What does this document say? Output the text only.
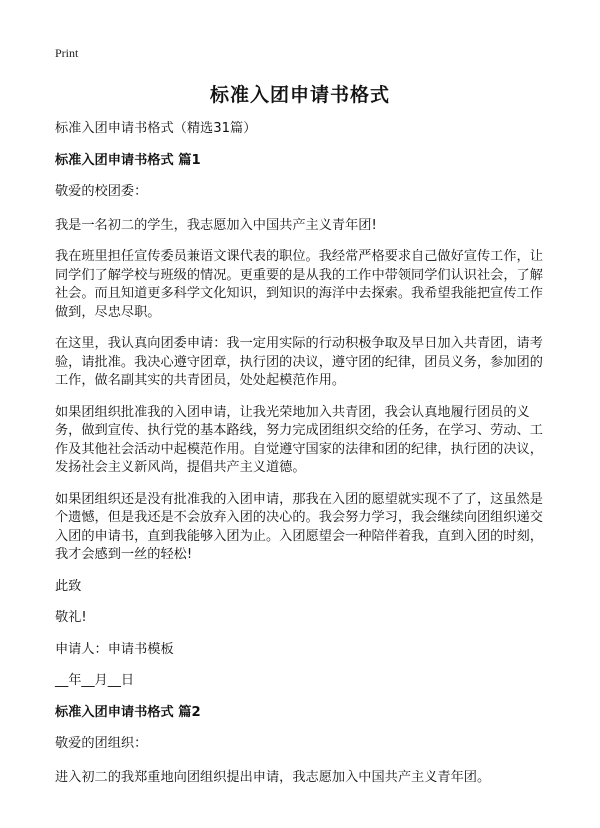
Print
标准入团申请书格式

标准入团申请书格式（精选31篇）

标准入团申请书格式 篇1

敬爱的校团委：

我是一名初二的学生，我志愿加入中国共产主义青年团!

我在班里担任宣传委员兼语文课代表的职位。我经常严格要求自己做好宣传工作，让同学们了解学校与班级的情况。更重要的是从我的工作中带领同学们认识社会，了解社会。而且知道更多科学文化知识，到知识的海洋中去探索。我希望我能把宣传工作做到，尽忠尽职。

在这里，我认真向团委申请：我一定用实际的行动积极争取及早日加入共青团，请考验，请批准。我决心遵守团章，执行团的决议，遵守团的纪律，团员义务，参加团的工作，做名副其实的共青团员，处处起模范作用。

如果团组织批准我的入团申请，让我光荣地加入共青团，我会认真地履行团员的义务，做到宣传、执行党的基本路线，努力完成团组织交给的任务，在学习、劳动、工作及其他社会活动中起模范作用。自觉遵守国家的法律和团的纪律，执行团的决议，发扬社会主义新风尚，提倡共产主义道德。

如果团组织还是没有批准我的入团申请，那我在入团的愿望就实现不了了，这虽然是个遗憾，但是我还是不会放弃入团的决心的。我会努力学习，我会继续向团组织递交入团的申请书，直到我能够入团为止。入团愿望会一种陪伴着我，直到入团的时刻，我才会感到一丝的轻松!

此致

敬礼!

申请人：申请书模板

__年__月__日

标准入团申请书格式 篇2

敬爱的团组织：

进入初二的我郑重地向团组织提出申请，我志愿加入中国共产主义青年团。
